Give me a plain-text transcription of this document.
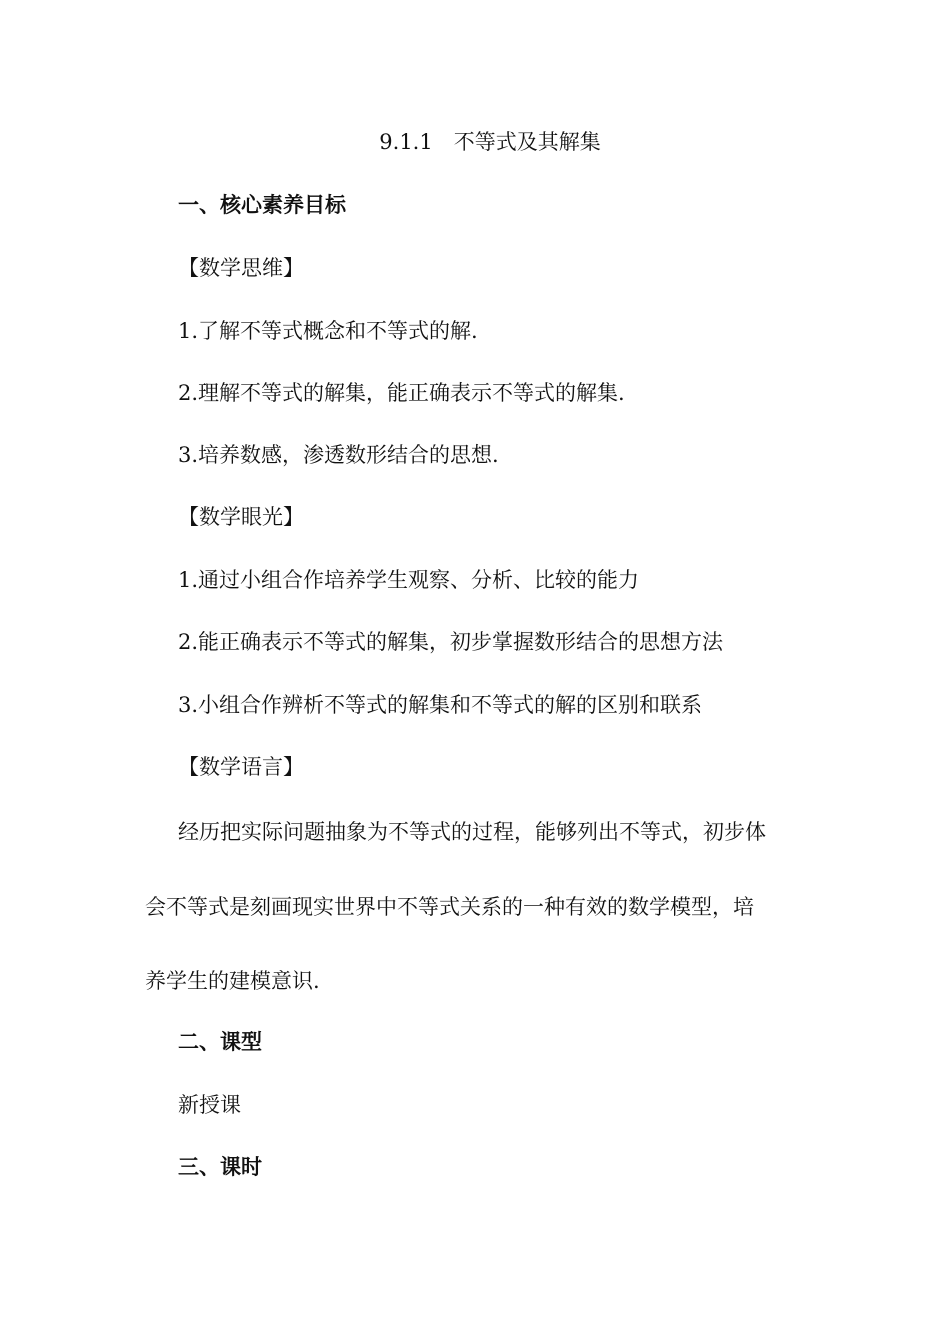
9.1.1　不等式及其解集
一、核心素养目标
【数学思维】
1.了解不等式概念和不等式的解.
2.理解不等式的解集，能正确表示不等式的解集.
3.培养数感，渗透数形结合的思想.
【数学眼光】
1.通过小组合作培养学生观察、分析、比较的能力
2.能正确表示不等式的解集，初步掌握数形结合的思想方法
3.小组合作辨析不等式的解集和不等式的解的区别和联系
【数学语言】
经历把实际问题抽象为不等式的过程，能够列出不等式，初步体
会不等式是刻画现实世界中不等式关系的一种有效的数学模型，培
养学生的建模意识.
二、课型
新授课
三、课时
